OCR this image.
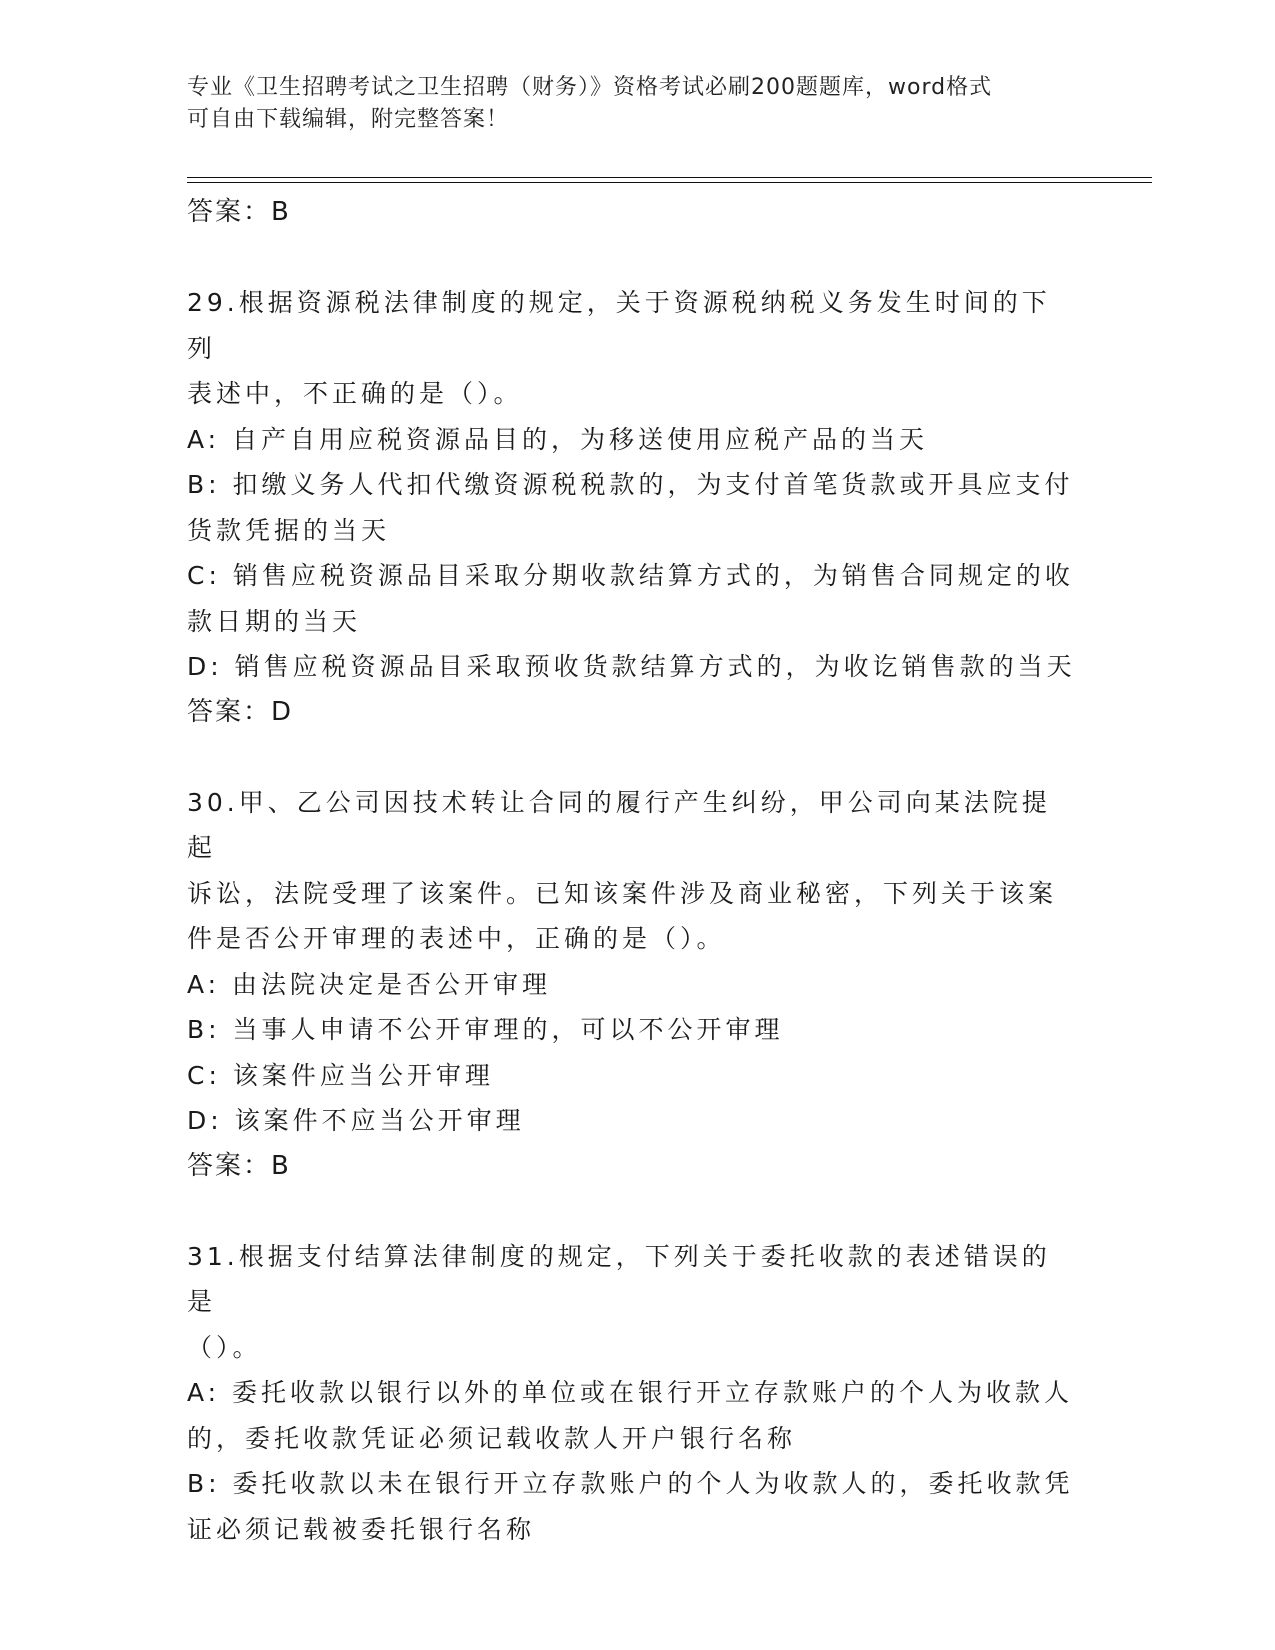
专业《卫生招聘考试之卫生招聘（财务）》资格考试必刷200题题库，word格式
可自由下载编辑，附完整答案！
答案：B
29.根据资源税法律制度的规定，关于资源税纳税义务发生时间的下列
表述中，不正确的是（）。
A: 自产自用应税资源品目的，为移送使用应税产品的当天
B: 扣缴义务人代扣代缴资源税税款的，为支付首笔货款或开具应支付
货款凭据的当天
C: 销售应税资源品目采取分期收款结算方式的，为销售合同规定的收
款日期的当天
D: 销售应税资源品目采取预收货款结算方式的，为收讫销售款的当天
答案：D
30.甲、乙公司因技术转让合同的履行产生纠纷，甲公司向某法院提起
诉讼，法院受理了该案件。已知该案件涉及商业秘密，下列关于该案
件是否公开审理的表述中，正确的是（）。
A: 由法院决定是否公开审理
B: 当事人申请不公开审理的，可以不公开审理
C: 该案件应当公开审理
D: 该案件不应当公开审理
答案：B
31.根据支付结算法律制度的规定，下列关于委托收款的表述错误的是
（）。
A: 委托收款以银行以外的单位或在银行开立存款账户的个人为收款人
的，委托收款凭证必须记载收款人开户银行名称
B: 委托收款以未在银行开立存款账户的个人为收款人的，委托收款凭
证必须记载被委托银行名称
